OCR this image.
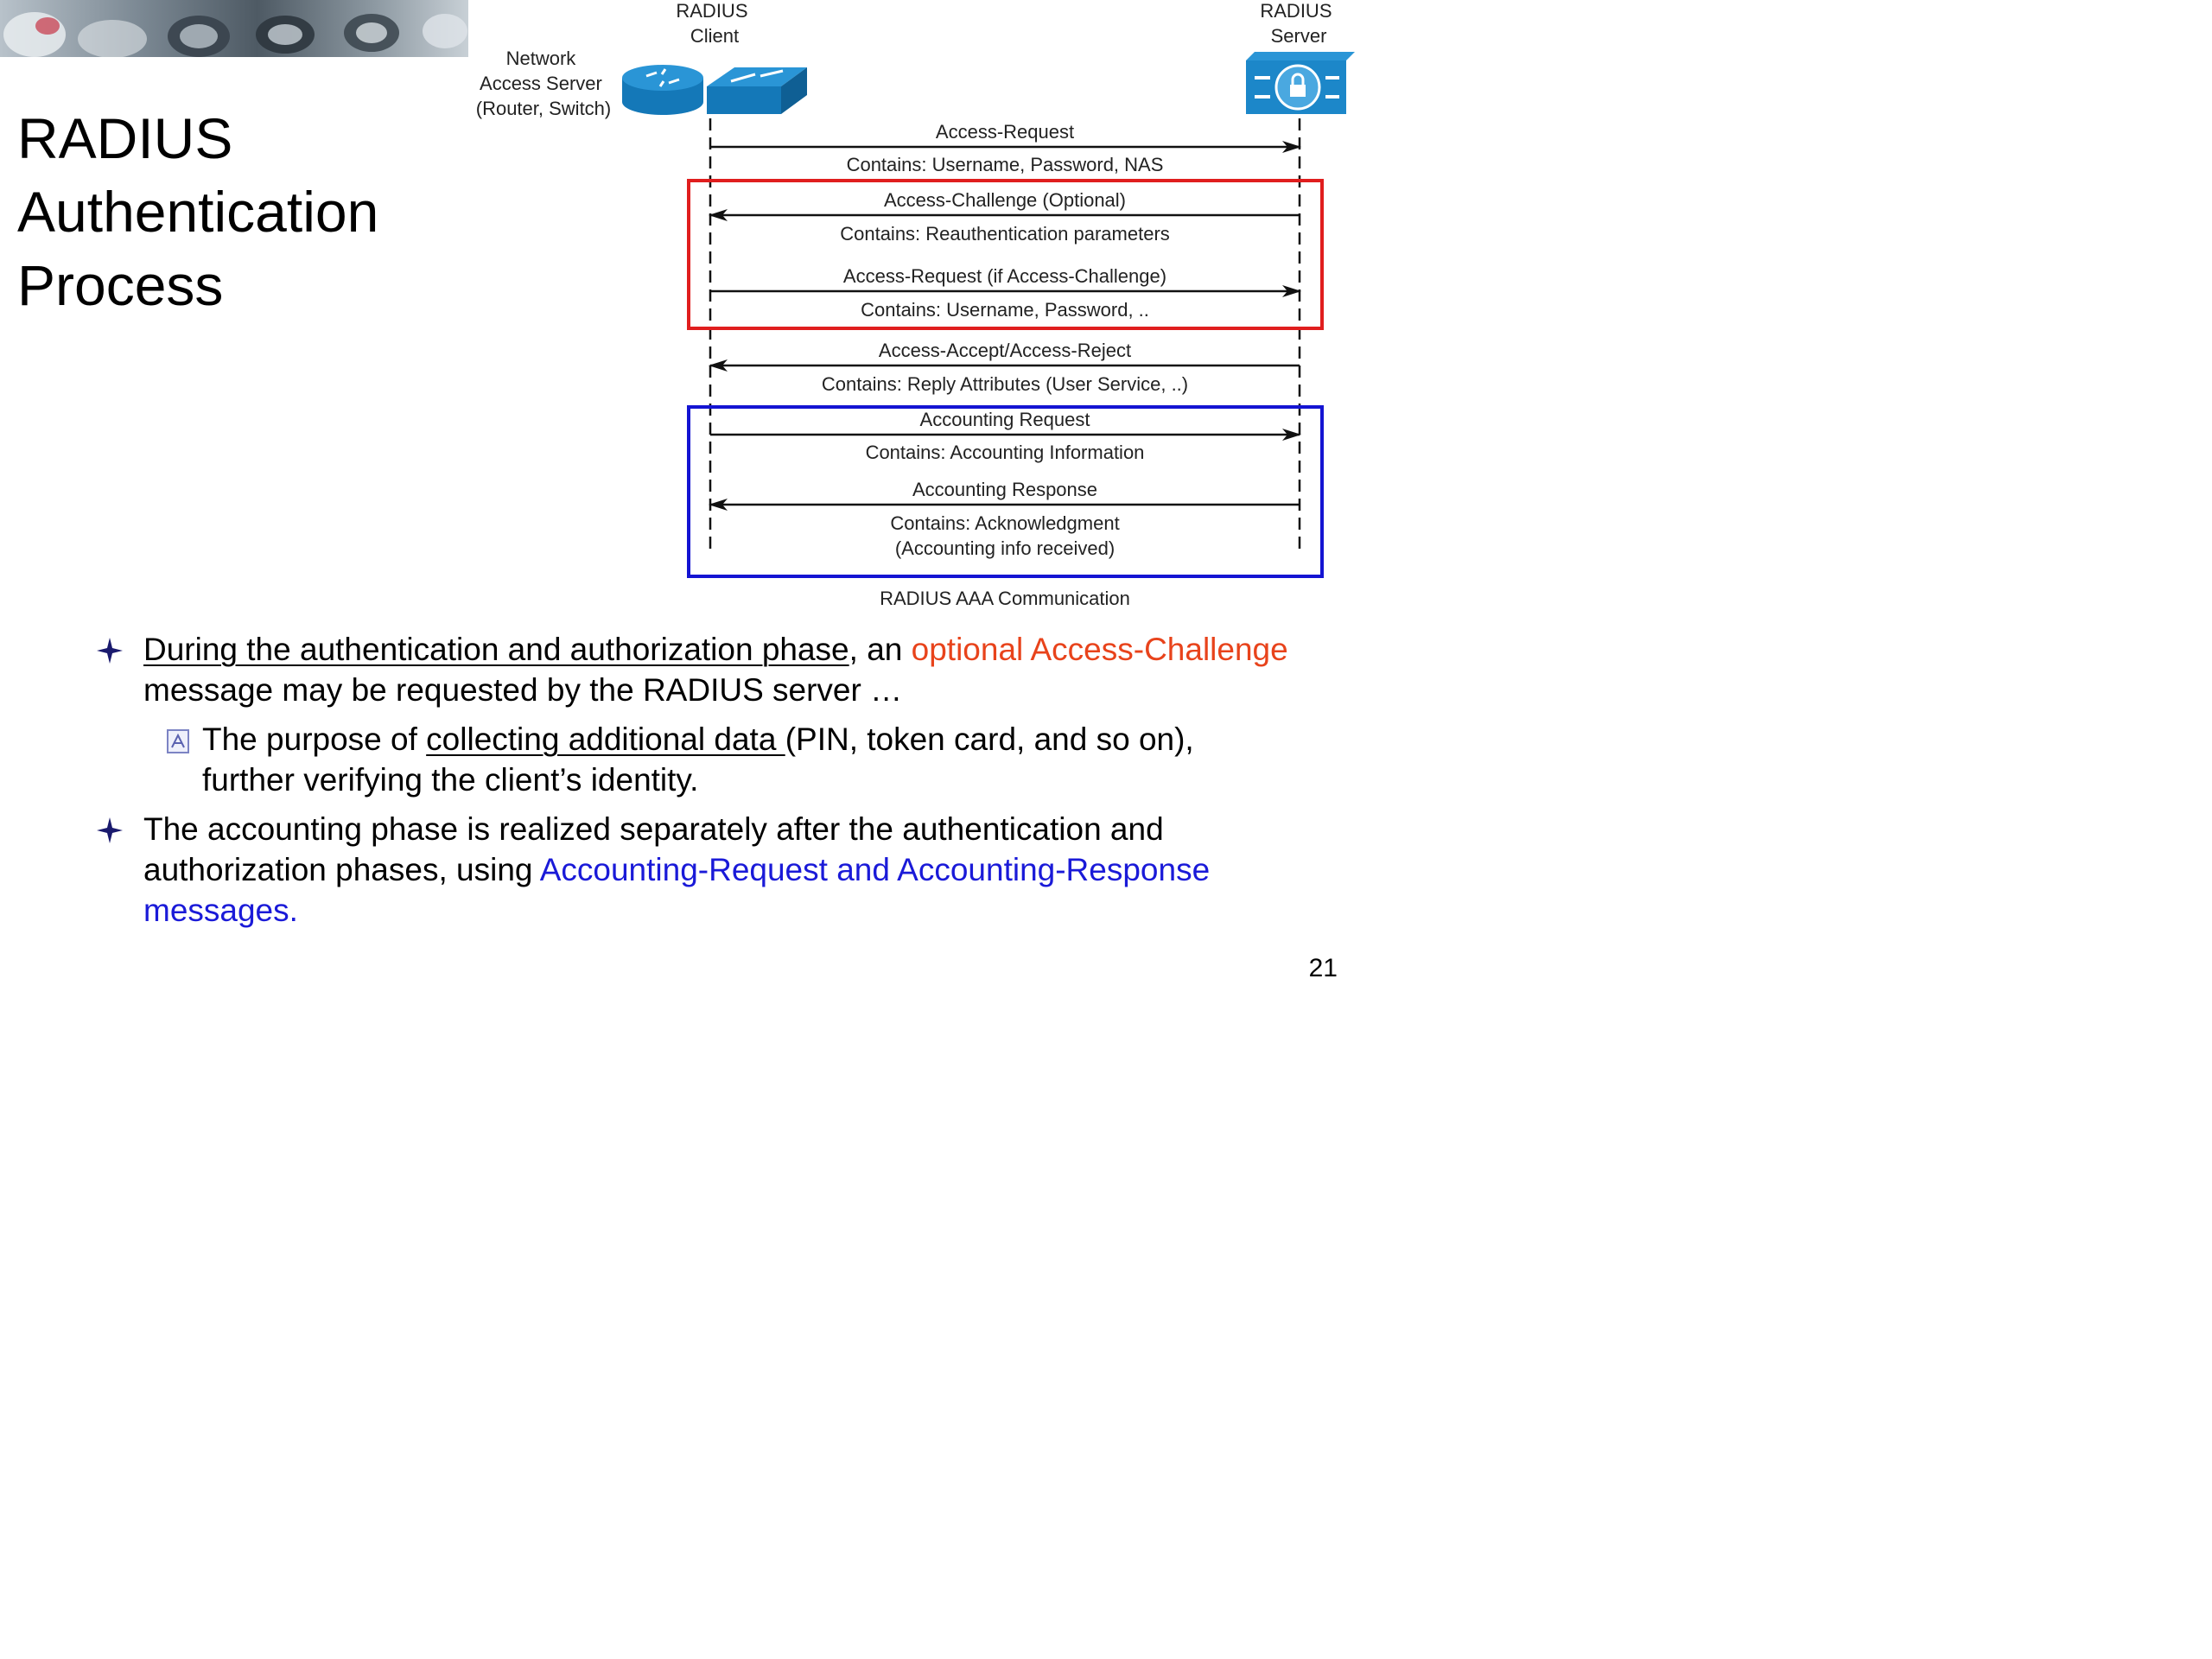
RADIUS
Authentication
Process
Network Access Server (Router, Switch)
RADIUS Client
RADIUS Server
Access-Request
Contains: Username, Password, NAS
Access-Challenge (Optional)
Contains: Reauthentication parameters
Access-Request (if Access-Challenge)
Contains: Username, Password, ..
Access-Accept/Access-Reject
Contains: Reply Attributes (User Service, ..)
Accounting Request
Contains: Accounting Information
Accounting Response
Contains: Acknowledgment
(Accounting info received)
RADIUS AAA Communication
During the authentication and authorization phase, an optional Access-Challenge message may be requested by the RADIUS server …
The purpose of collecting additional data (PIN, token card, and so on), further verifying the client’s identity.
The accounting phase is realized separately after the authentication and authorization phases, using Accounting-Request and Accounting-Response messages.
21
